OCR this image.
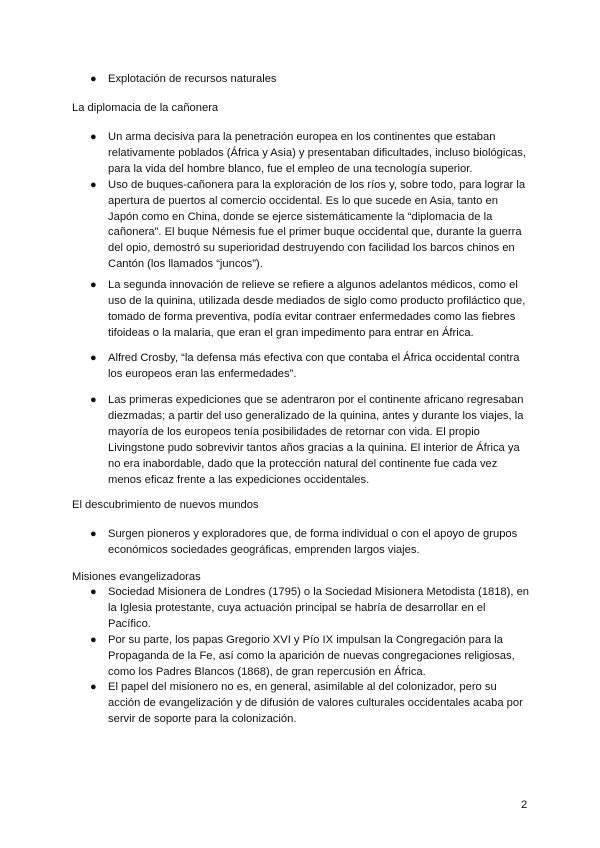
● Explotación de recursos naturales
La diplomacia de la cañonera
● Un arma decisiva para la penetración europea en los continentes que estaban relativamente poblados (África y Asia) y presentaban dificultades, incluso biológicas, para la vida del hombre blanco, fue el empleo de una tecnología superior.
● Uso de buques-cañonera para la exploración de los ríos y, sobre todo, para lograr la apertura de puertos al comercio occidental. Es lo que sucede en Asia, tanto en Japón como en China, donde se ejerce sistemáticamente la “diplomacia de la cañonera”. El buque Némesis fue el primer buque occidental que, durante la guerra del opio, demostró su superioridad destruyendo con facilidad los barcos chinos en Cantón (los llamados “juncos”).
● La segunda innovación de relieve se refiere a algunos adelantos médicos, como el uso de la quinina, utilizada desde mediados de siglo como producto profiláctico que, tomado de forma preventiva, podía evitar contraer enfermedades como las fiebres tifoideas o la malaria, que eran el gran impedimento para entrar en África.
● Alfred Crosby, “la defensa más efectiva con que contaba el África occidental contra los europeos eran las enfermedades”.
● Las primeras expediciones que se adentraron por el continente africano regresaban diezmadas; a partir del uso generalizado de la quinina, antes y durante los viajes, la mayoría de los europeos tenía posibilidades de retornar con vida. El propio Livingstone pudo sobrevivir tantos años gracias a la quinina. El interior de África ya no era inabordable, dado que la protección natural del continente fue cada vez menos eficaz frente a las expediciones occidentales.
El descubrimiento de nuevos mundos
● Surgen pioneros y exploradores que, de forma individual o con el apoyo de grupos económicos sociedades geográficas, emprenden largos viajes.
Misiones evangelizadoras
● Sociedad Misionera de Londres (1795) o la Sociedad Misionera Metodista (1818), en la Iglesia protestante, cuya actuación principal se habría de desarrollar en el Pacífico.
● Por su parte, los papas Gregorio XVI y Pío IX impulsan la Congregación para la Propaganda de la Fe, así como la aparición de nuevas congregaciones religiosas, como los Padres Blancos (1868), de gran repercusión en África.
● El papel del misionero no es, en general, asimilable al del colonizador, pero su acción de evangelización y de difusión de valores culturales occidentales acaba por servir de soporte para la colonización.
2
